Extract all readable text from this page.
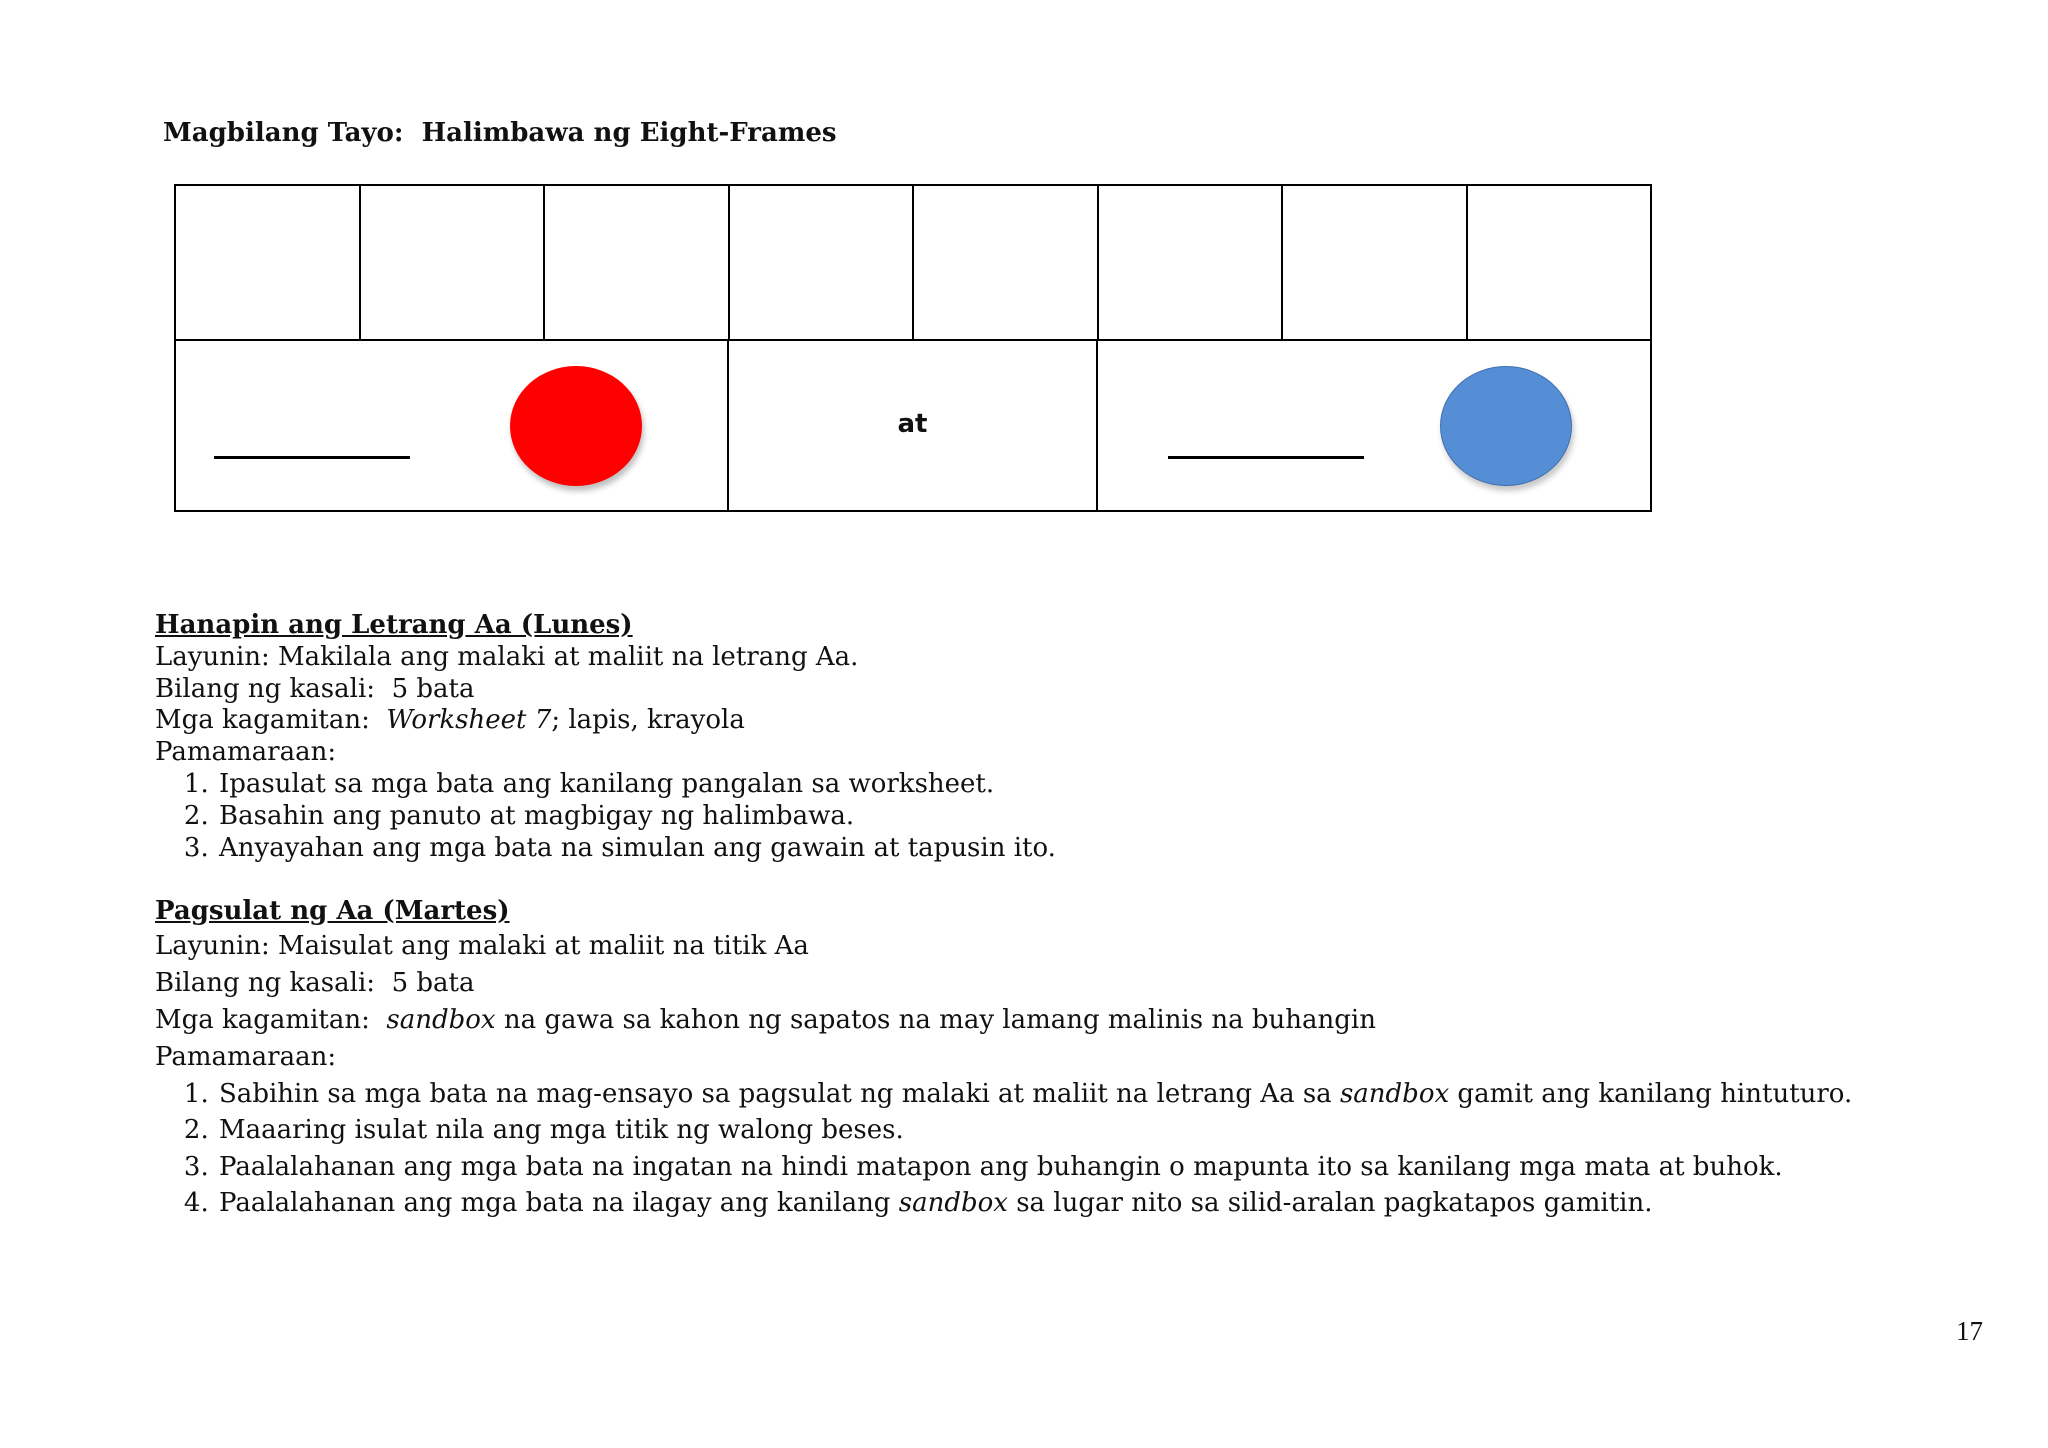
Magbilang Tayo:  Halimbawa ng Eight-Frames
at
Hanapin ang Letrang Aa (Lunes)
Layunin: Makilala ang malaki at maliit na letrang Aa.
Bilang ng kasali:  5 bata
Mga kagamitan:  Worksheet 7; lapis, krayola
Pamamaraan:
1. Ipasulat sa mga bata ang kanilang pangalan sa worksheet.
2. Basahin ang panuto at magbigay ng halimbawa.
3. Anyayahan ang mga bata na simulan ang gawain at tapusin ito.
Pagsulat ng Aa (Martes)
Layunin: Maisulat ang malaki at maliit na titik Aa
Bilang ng kasali:  5 bata
Mga kagamitan:  sandbox na gawa sa kahon ng sapatos na may lamang malinis na buhangin
Pamamaraan:
1. Sabihin sa mga bata na mag-ensayo sa pagsulat ng malaki at maliit na letrang Aa sa sandbox gamit ang kanilang hintuturo.
2. Maaaring isulat nila ang mga titik ng walong beses.
3. Paalalahanan ang mga bata na ingatan na hindi matapon ang buhangin o mapunta ito sa kanilang mga mata at buhok.
4. Paalalahanan ang mga bata na ilagay ang kanilang sandbox sa lugar nito sa silid-aralan pagkatapos gamitin.
17
